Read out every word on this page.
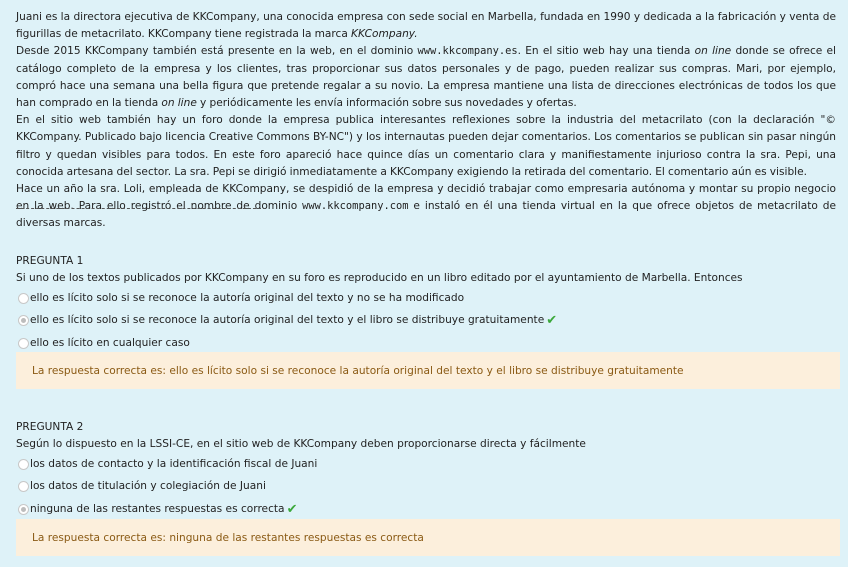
Juani es la directora ejecutiva de KKCompany, una conocida empresa con sede social en Marbella, fundada en 1990 y dedicada a la fabricación y venta de figurillas de metacrilato. KKCompany tiene registrada la marca KKCompany.

Desde 2015 KKCompany también está presente en la web, en el dominio www.kkcompany.es. En el sitio web hay una tienda on line donde se ofrece el catálogo completo de la empresa y los clientes, tras proporcionar sus datos personales y de pago, pueden realizar sus compras. Mari, por ejemplo, compró hace una semana una bella figura que pretende regalar a su novio. La empresa mantiene una lista de direcciones electrónicas de todos los que han comprado en la tienda on line y periódicamente les envía información sobre sus novedades y ofertas.

En el sitio web también hay un foro donde la empresa publica interesantes reflexiones sobre la industria del metacrilato (con la declaración "© KKCompany. Publicado bajo licencia Creative Commons BY-NC") y los internautas pueden dejar comentarios. Los comentarios se publican sin pasar ningún filtro y quedan visibles para todos. En este foro apareció hace quince días un comentario clara y manifiestamente injurioso contra la sra. Pepi, una conocida artesana del sector. La sra. Pepi se dirigió inmediatamente a KKCompany exigiendo la retirada del comentario. El comentario aún es visible.

Hace un año la sra. Loli, empleada de KKCompany, se despidió de la empresa y decidió trabajar como empresaria autónoma y montar su propio negocio en la web. Para ello registró el nombre de dominio www.kkcompany.com e instaló en él una tienda virtual en la que ofrece objetos de metacrilato de diversas marcas.

PREGUNTA 1

Si uno de los textos publicados por KKCompany en su foro es reproducido en un libro editado por el ayuntamiento de Marbella. Entonces

ello es lícito solo si se reconoce la autoría original del texto y no se ha modificado
ello es lícito solo si se reconoce la autoría original del texto y el libro se distribuye gratuitamente ✔
ello es lícito en cualquier caso
La respuesta correcta es: ello es lícito solo si se reconoce la autoría original del texto y el libro se distribuye gratuitamente

PREGUNTA 2

Según lo dispuesto en la LSSI-CE, en el sitio web de KKCompany deben proporcionarse directa y fácilmente

los datos de contacto y la identificación fiscal de Juani
los datos de titulación y colegiación de Juani
ninguna de las restantes respuestas es correcta ✔
La respuesta correcta es: ninguna de las restantes respuestas es correcta
